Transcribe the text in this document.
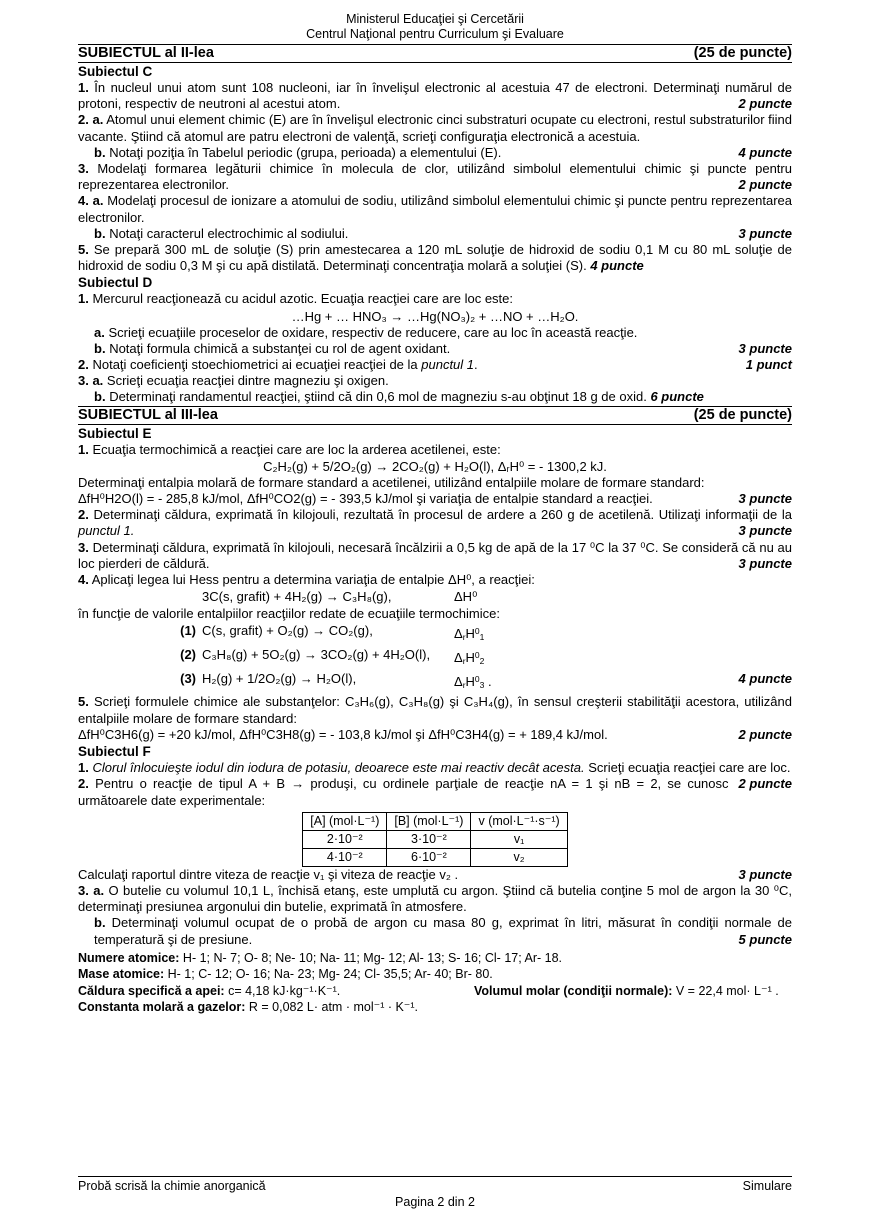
Ministerul Educaţiei şi Cercetării
Centrul Naţional pentru Curriculum şi Evaluare
SUBIECTUL al II-lea	(25 de puncte)
Subiectul C

1. În nucleul unui atom sunt 108 nucleoni, iar în învelişul electronic al acestuia 47 de electroni. Determinaţi numărul de protoni, respectiv de neutroni al acestui atom.	2 puncte

2. a. Atomul unui element chimic (E) are în învelişul electronic cinci substraturi ocupate cu electroni, restul substraturilor fiind vacante. Ştiind că atomul are patru electroni de valenţă, scrieţi configuraţia electronică a acestuia.

b. Notaţi poziţia în Tabelul periodic (grupa, perioada) a elementului (E).	4 puncte

3. Modelaţi formarea legăturii chimice în molecula de clor, utilizând simbolul elementului chimic şi puncte pentru reprezentarea electronilor.	2 puncte

4. a. Modelaţi procesul de ionizare a atomului de sodiu, utilizând simbolul elementului chimic şi puncte pentru reprezentarea electronilor.

b. Notaţi caracterul electrochimic al sodiului.	3 puncte

5. Se prepară 300 mL de soluţie (S) prin amestecarea a 120 mL soluţie de hidroxid de sodiu 0,1 M cu 80 mL soluţie de hidroxid de sodiu 0,3 M şi cu apă distilată. Determinaţi concentraţia molară a soluţiei (S). 4 puncte

Subiectul D

1. Mercurul reacţionează cu acidul azotic. Ecuaţia reacţiei care are loc este:

…Hg + … HNO₃ → …Hg(NO₃)₂ + …NO + …H₂O.

a. Scrieţi ecuaţiile proceselor de oxidare, respectiv de reducere, care au loc în această reacţie.

b. Notaţi formula chimică a substanţei cu rol de agent oxidant.	3 puncte

2. Notaţi coeficienţi stoechiometrici ai ecuaţiei reacţiei de la punctul 1.	1 punct

3. a. Scrieţi ecuaţia reacţiei dintre magneziu şi oxigen.

b. Determinaţi randamentul reacţiei, ştiind că din 0,6 mol de magneziu s-au obţinut 18 g de oxid. 6 puncte

SUBIECTUL al III-lea	(25 de puncte)
Subiectul E

1. Ecuaţia termochimică a reacţiei care are loc la arderea acetilenei, este:

C₂H₂(g) + 5/2O₂(g) → 2CO₂(g) + H₂O(l), ΔᵣH⁰ = - 1300,2 kJ.

Determinaţi entalpia molară de formare standard a acetilenei, utilizând entalpiile molare de formare standard:

ΔfH⁰H2O(l) = - 285,8 kJ/mol, ΔfH⁰CO2(g) = - 393,5 kJ/mol şi variaţia de entalpie standard a reacţiei.	3 puncte

2. Determinaţi căldura, exprimată în kilojouli, rezultată în procesul de ardere a 260 g de acetilenă. Utilizaţi informaţii de la punctul 1.	3 puncte

3. Determinaţi căldura, exprimată în kilojouli, necesară încălzirii a 0,5 kg de apă de la 17 ⁰C la 37 ⁰C. Se consideră că nu au loc pierderi de căldură.	3 puncte

4. Aplicaţi legea lui Hess pentru a determina variaţia de entalpie ΔH⁰, a reacţiei:

3C(s, grafit) + 4H₂(g) → C₃H₈(g),	ΔH⁰

în funcţie de valorile entalpiilor reacţiilor redate de ecuaţiile termochimice:

(1) C(s, grafit) + O₂(g) → CO₂(g),	$\Delta_rH^0_1$
(2) C₃H₈(g) + 5O₂(g) → 3CO₂(g) + 4H₂O(l),	$\Delta_rH^0_2$
(3) H₂(g) + 1/2O₂(g) → H₂O(l),	$\Delta_rH^0_3$ .	4 puncte

5. Scrieţi formulele chimice ale substanţelor: C₃H₆(g), C₃H₈(g) şi C₃H₄(g), în sensul creşterii stabilităţii acestora, utilizând entalpiile molare de formare standard:

ΔfH⁰C3H6(g) = +20 kJ/mol, ΔfH⁰C3H8(g) = - 103,8 kJ/mol şi ΔfH⁰C3H4(g) = + 189,4 kJ/mol.	2 puncte

Subiectul F

1. Clorul înlocuieşte iodul din iodura de potasiu, deoarece este mai reactiv decât acesta. Scrieţi ecuaţia reacţiei care are loc.
2 puncte

2. Pentru o reacţie de tipul A + B → produşi, cu ordinele parţiale de reacţie nA = 1 şi nB = 2, se cunosc următoarele date experimentale:

[A] (mol·L⁻¹)	[B] (mol·L⁻¹)	v (mol·L⁻¹·s⁻¹)
2·10⁻²	3·10⁻²	v₁
4·10⁻²	6·10⁻²	v₂

Calculaţi raportul dintre viteza de reacţie v₁ şi viteza de reacţie v₂ .	3 puncte

3. a. O butelie cu volumul 10,1 L, închisă etanş, este umplută cu argon. Ştiind că butelia conţine 5 mol de argon la 30 ⁰C, determinaţi presiunea argonului din butelie, exprimată în atmosfere.

b. Determinaţi volumul ocupat de o probă de argon cu masa 80 g, exprimat în litri, măsurat în condiţii normale de temperatură şi de presiune.	5 puncte

Numere atomice: H- 1; N- 7; O- 8; Ne- 10; Na- 11; Mg- 12; Al- 13; S- 16; Cl- 17; Ar- 18.
Mase atomice: H- 1; C- 12; O- 16; Na- 23; Mg- 24; Cl- 35,5; Ar- 40; Br- 80.
Căldura specifică a apei: c= 4,18 kJ·kg⁻¹·K⁻¹.	Volumul molar (condiţii normale): V = 22,4 mol· L⁻¹ .
Constanta molară a gazelor: R = 0,082 L· atm · mol⁻¹ · K⁻¹.
Probă scrisă la chimie anorganică	Simulare
Pagina 2 din 2
